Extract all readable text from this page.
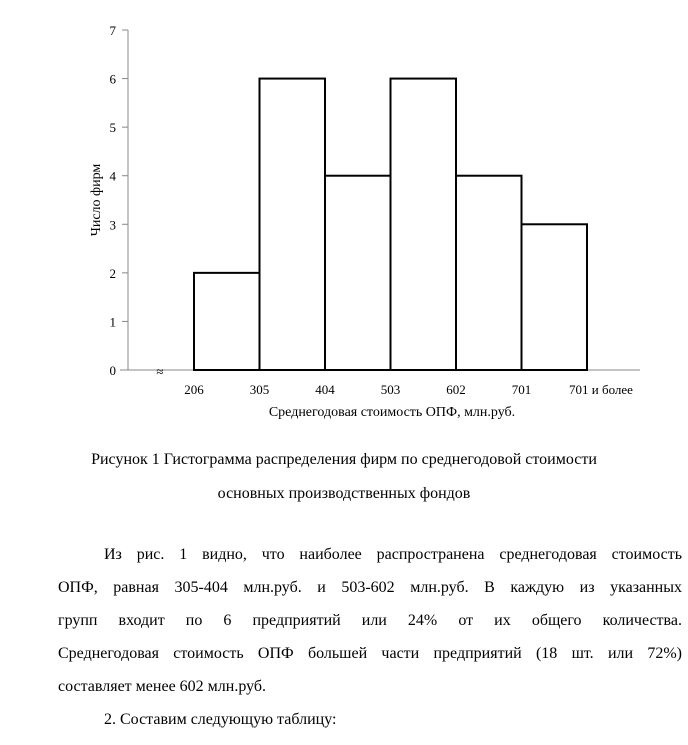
0
1
2
3
4
5
6
7
206	305	404	503	602	701	701 и более
≈
Среднегодовая стоимость ОПФ, млн.руб.
Число фирм
Рисунок 1 Гистограмма распределения фирм по среднегодовой стоимости
основных производственных фондов
Из рис. 1 видно, что наиболее распространена среднегодовая стоимость
ОПФ, равная 305-404 млн.руб. и 503-602 млн.руб. В каждую из указанных
групп входит по 6 предприятий или 24% от их общего количества.
Среднегодовая стоимость ОПФ большей части предприятий (18 шт. или 72%)
составляет менее 602 млн.руб.
2. Составим следующую таблицу:
